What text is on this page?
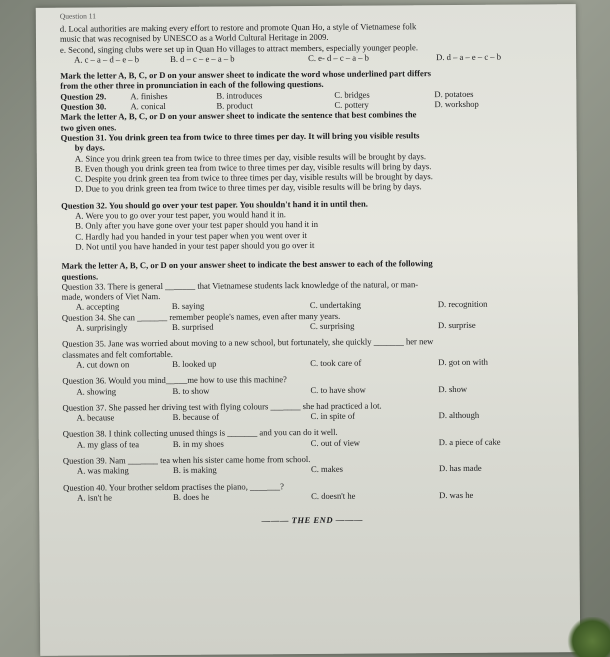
Question 11
d. Local authorities are making every effort to restore and promote Quan Ho, a style of Vietnamese folk
music that was recognised by UNESCO as a World Cultural Heritage in 2009.
e. Second, singing clubs were set up in Quan Ho villages to attract members, especially younger people.
A. c – a – d – e – b	B. d – c – e – a – b	C. e- d – c – a – b	D. d – a – e – c – b
Mark the letter A, B, C, or D on your answer sheet to indicate the word whose underlined part differs
from the other three in pronunciation in each of the following questions.
Question 29.	A. finishes	B. introduces	C. bridges	D. potatoes
Question 30.	A. conical	B. product	C. pottery	D. workshop
Mark the letter A, B, C, or D on your answer sheet to indicate the sentence that best combines the
two given ones.
Question 31. You drink green tea from twice to three times per day. It will bring you visible results
by days.
A. Since you drink green tea from twice to three times per day, visible results will be brought by days.
B. Even though you drink green tea from twice to three times per day, visible results will bring by days.
C. Despite you drink green tea from twice to three times per day, visible results will be brought by days.
D. Due to you drink green tea from twice to three times per day, visible results will be bring by days.
Question 32. You should go over your test paper. You shouldn't hand it in until then.
A. Were you to go over your test paper, you would hand it in.
B. Only after you have gone over your test paper should you hand it in
C. Hardly had you handed in your test paper when you went over it
D. Not until you have handed in your test paper should you go over it
Mark the letter A, B, C, or D on your answer sheet to indicate the best answer to each of the following
questions.
Question 33. There is general _______ that Vietnamese students lack knowledge of the natural, or man-
made, wonders of Viet Nam.
A. accepting	B. saying	C. undertaking	D. recognition
Question 34. She can _______ remember people's names, even after many years.
A. surprisingly	B. surprised	C. surprising	D. surprise
Question 35. Jane was worried about moving to a new school, but fortunately, she quickly _______ her new
classmates and felt comfortable.
A. cut down on	B. looked up	C. took care of	D. got on with
Question 36. Would you mind_____me how to use this machine?
A. showing	B. to show	C. to have show	D. show
Question 37. She passed her driving test with flying colours _______ she had practiced a lot.
A. because	B. because of	C. in spite of	D. although
Question 38. I think collecting unused things is _______ and you can do it well.
A. my glass of tea	B. in my shoes	C. out of view	D. a piece of cake
Question 39. Nam _______ tea when his sister came home from school.
A. was making	B. is making	C. makes	D. has made
Question 40. Your brother seldom practises the piano, _______?
A. isn't he	B. does he	C. doesn't he	D. was he
——— THE END ———
